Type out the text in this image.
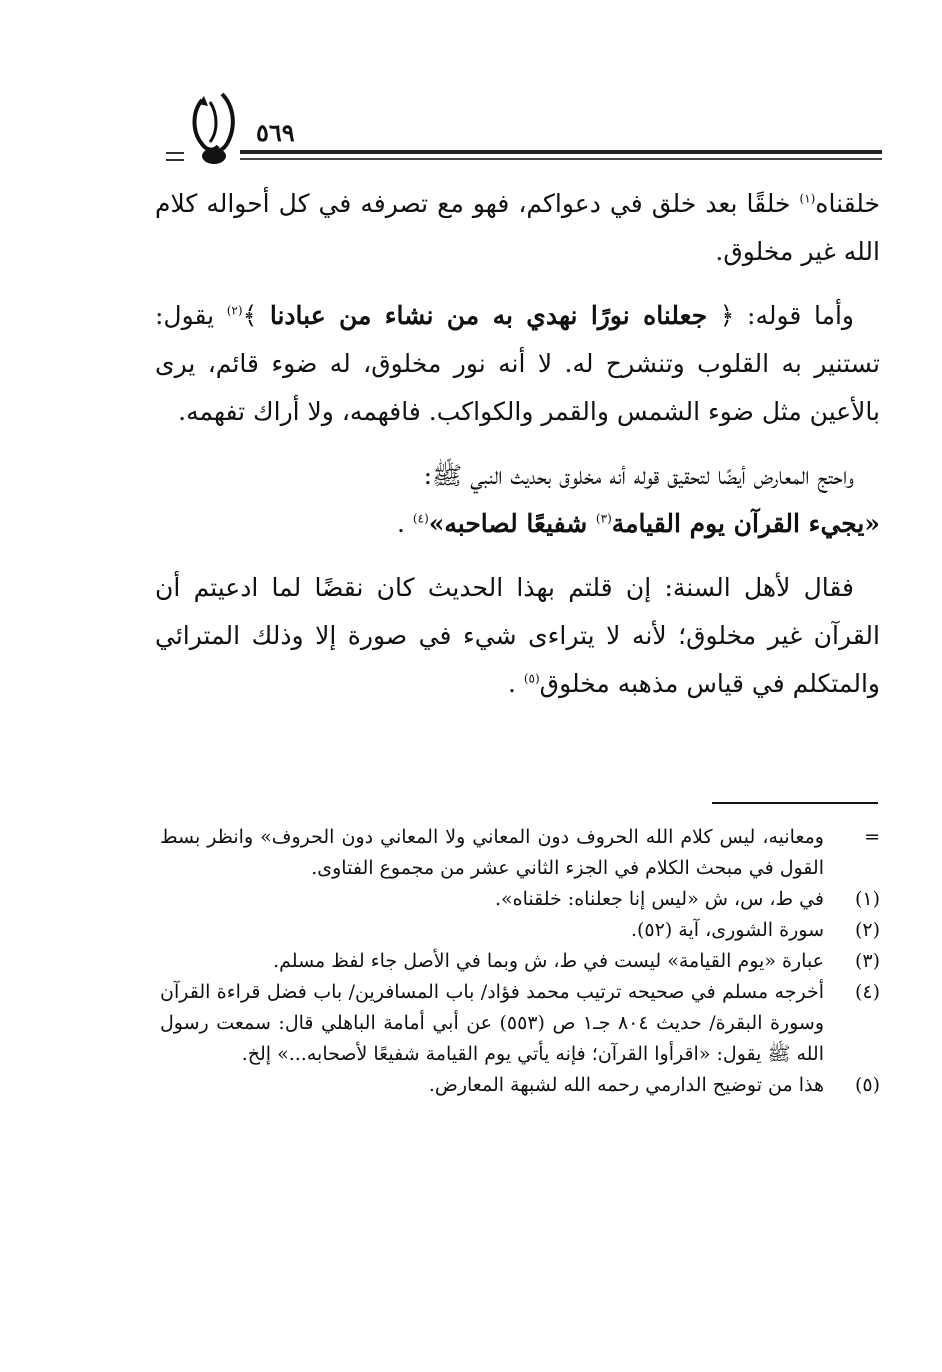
٥٦٩

خلقناه$^{(١)}$ خلقًا بعد خلق في دعواكم، فهو مع تصرفه في كل أحواله كلام الله غير مخلوق.

وأما قوله: ﴿ جعلناه نورًا نهدي به من نشاء من عبادنا ﴾$^{(٢)}$ يقول: تستنير به القلوب وتنشرح له. لا أنه نور مخلوق، له ضوء قائم، يرى بالأعين مثل ضوء الشمس والقمر والكواكب. فافهمه، ولا أراك تفهمه.

واحتج المعارض أيضًا لتحقيق قوله أنه مخلوق بحديث النبي ﷺ:
«يجيء القرآن يوم القيامة$^{(٣)}$ شفيعًا لصاحبه»$^{(٤)}$ .

فقال لأهل السنة: إن قلتم بهذا الحديث كان نقضًا لما ادعيتم أن القرآن غير مخلوق؛ لأنه لا يتراءى شيء في صورة إلا وذلك المترائي والمتكلم في قياس مذهبه مخلوق$^{(٥)}$ .

=
ومعانيه، ليس كلام الله الحروف دون المعاني ولا المعاني دون الحروف» وانظر بسط القول في مبحث الكلام في الجزء الثاني عشر من مجموع الفتاوى.
(١)
في ط، س، ش «ليس إنا جعلناه: خلقناه».
(٢)
سورة الشورى، آية (٥٢).
(٣)
عبارة «يوم القيامة» ليست في ط، ش وبما في الأصل جاء لفظ مسلم.
(٤)
أخرجه مسلم في صحيحه ترتيب محمد فؤاد/ باب المسافرين/ باب فضل قراءة القرآن وسورة البقرة/ حديث ٨٠٤ جـ١ ص (٥٥٣) عن أبي أمامة الباهلي قال: سمعت رسول الله ﷺ يقول: «اقرأوا القرآن؛ فإنه يأتي يوم القيامة شفيعًا لأصحابه...» إلخ.
(٥)
هذا من توضيح الدارمي رحمه الله لشبهة المعارض.
